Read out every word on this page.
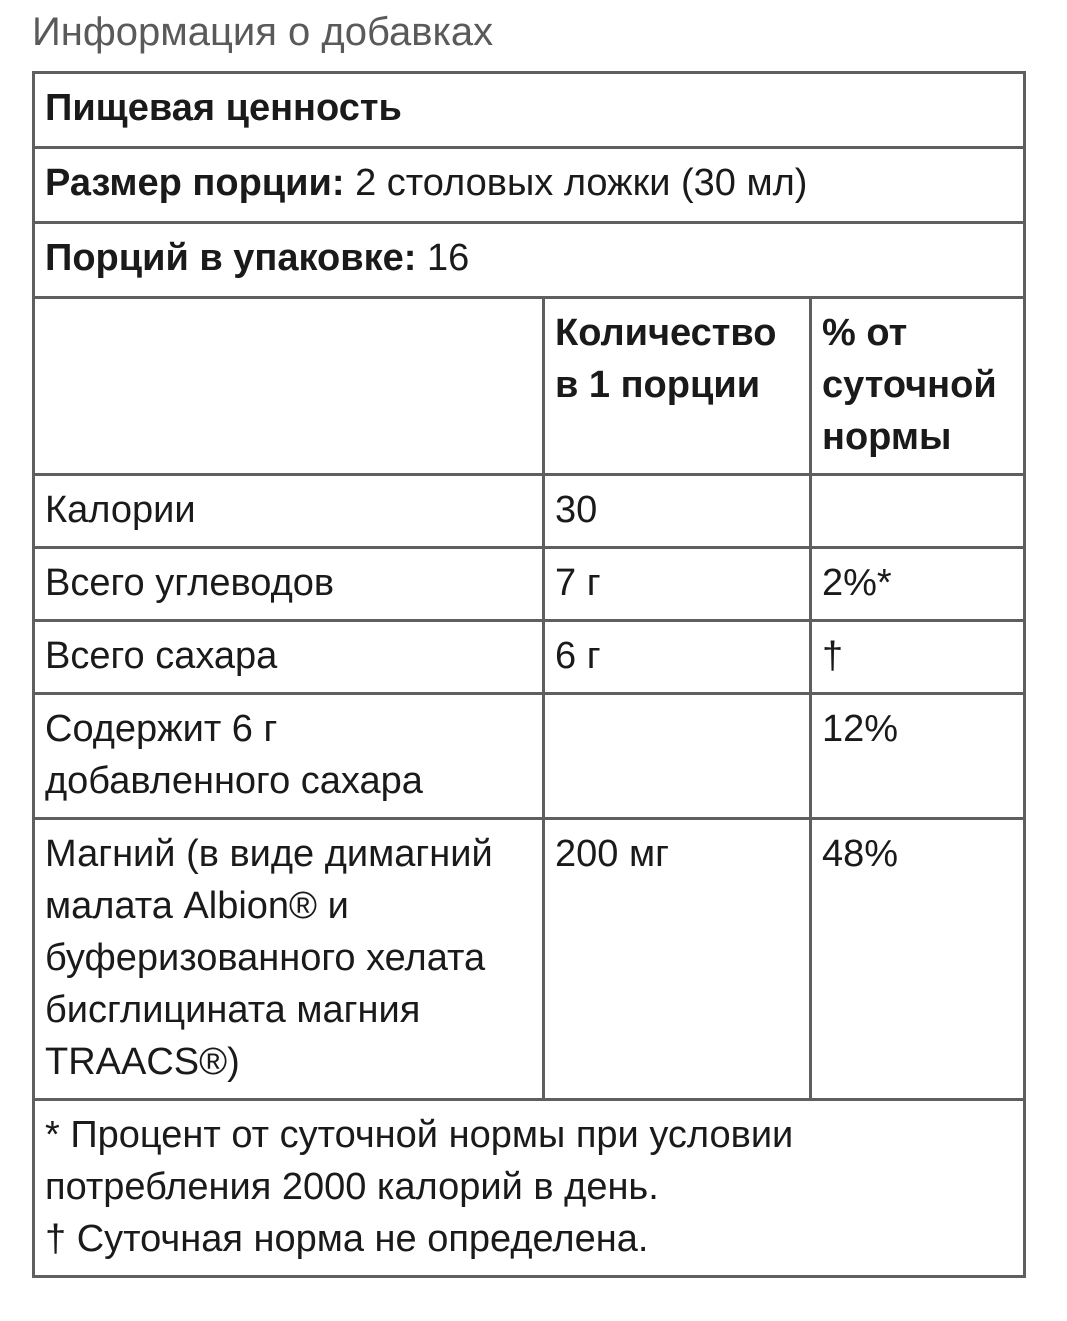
Информация о добавках
Пищевая ценность		
Размер порции: 2 столовых ложки (30 мл)		
Порций в упаковке: 16		
	Количество в 1 порции	% от суточной нормы
Калории	30	
Всего углеводов	7 г	2%*
Всего сахара	6 г	†
Содержит 6 г добавленного сахара		12%
Магний (в виде димагний малата Albion® и буферизованного хелата бисглицината магния TRAACS®)	200 мг	48%

* Процент от суточной нормы при условии потребления 2000 калорий в день.
† Суточная норма не определена.		
